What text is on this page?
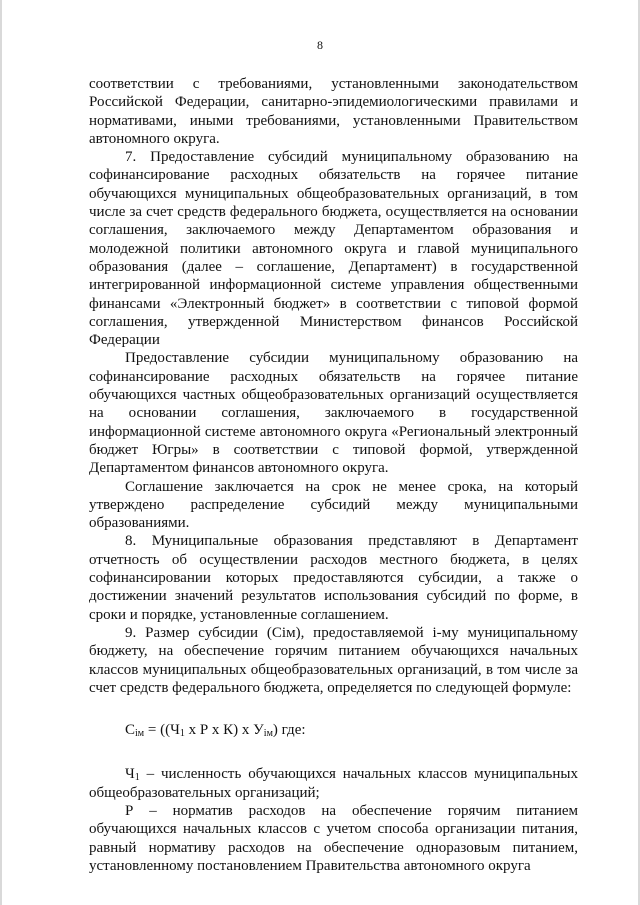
8

соответствии с требованиями, установленными законодательством Российской Федерации, санитарно-эпидемиологическими правилами и нормативами, иными требованиями, установленными Правительством автономного округа.

7. Предоставление субсидий муниципальному образованию на софинансирование расходных обязательств на горячее питание обучающихся муниципальных общеобразовательных организаций, в том числе за счет средств федерального бюджета, осуществляется на основании соглашения, заключаемого между Департаментом образования и молодежной политики автономного округа и главой муниципального образования (далее – соглашение, Департамент) в государственной интегрированной информационной системе управления общественными финансами «Электронный бюджет» в соответствии с типовой формой соглашения, утвержденной Министерством финансов Российской Федерации

Предоставление субсидии муниципальному образованию на софинансирование расходных обязательств на горячее питание обучающихся частных общеобразовательных организаций осуществляется на основании соглашения, заключаемого в государственной информационной системе автономного округа «Региональный электронный бюджет Югры» в соответствии с типовой формой, утвержденной Департаментом финансов автономного округа.

Соглашение заключается на срок не менее срока, на который утверждено распределение субсидий между муниципальными образованиями.

8. Муниципальные образования представляют в Департамент отчетность об осуществлении расходов местного бюджета, в целях софинансировании которых предоставляются субсидии, а также о достижении значений результатов использования субсидий по форме, в сроки и порядке, установленные соглашением.

9. Размер субсидии (Ciм), предоставляемой i-му муниципальному бюджету, на обеспечение горячим питанием обучающихся начальных классов муниципальных общеобразовательных организаций, в том числе за счет средств федерального бюджета, определяется по следующей формуле:

$С_{iм} = ((Ч_1$ х Р х К) х $У_{iм}$) где:

$Ч_1$ – численность обучающихся начальных классов муниципальных общеобразовательных организаций;

Р – норматив расходов на обеспечение горячим питанием обучающихся начальных классов с учетом способа организации питания, равный нормативу расходов на обеспечение одноразовым питанием, установленному постановлением Правительства автономного округа
